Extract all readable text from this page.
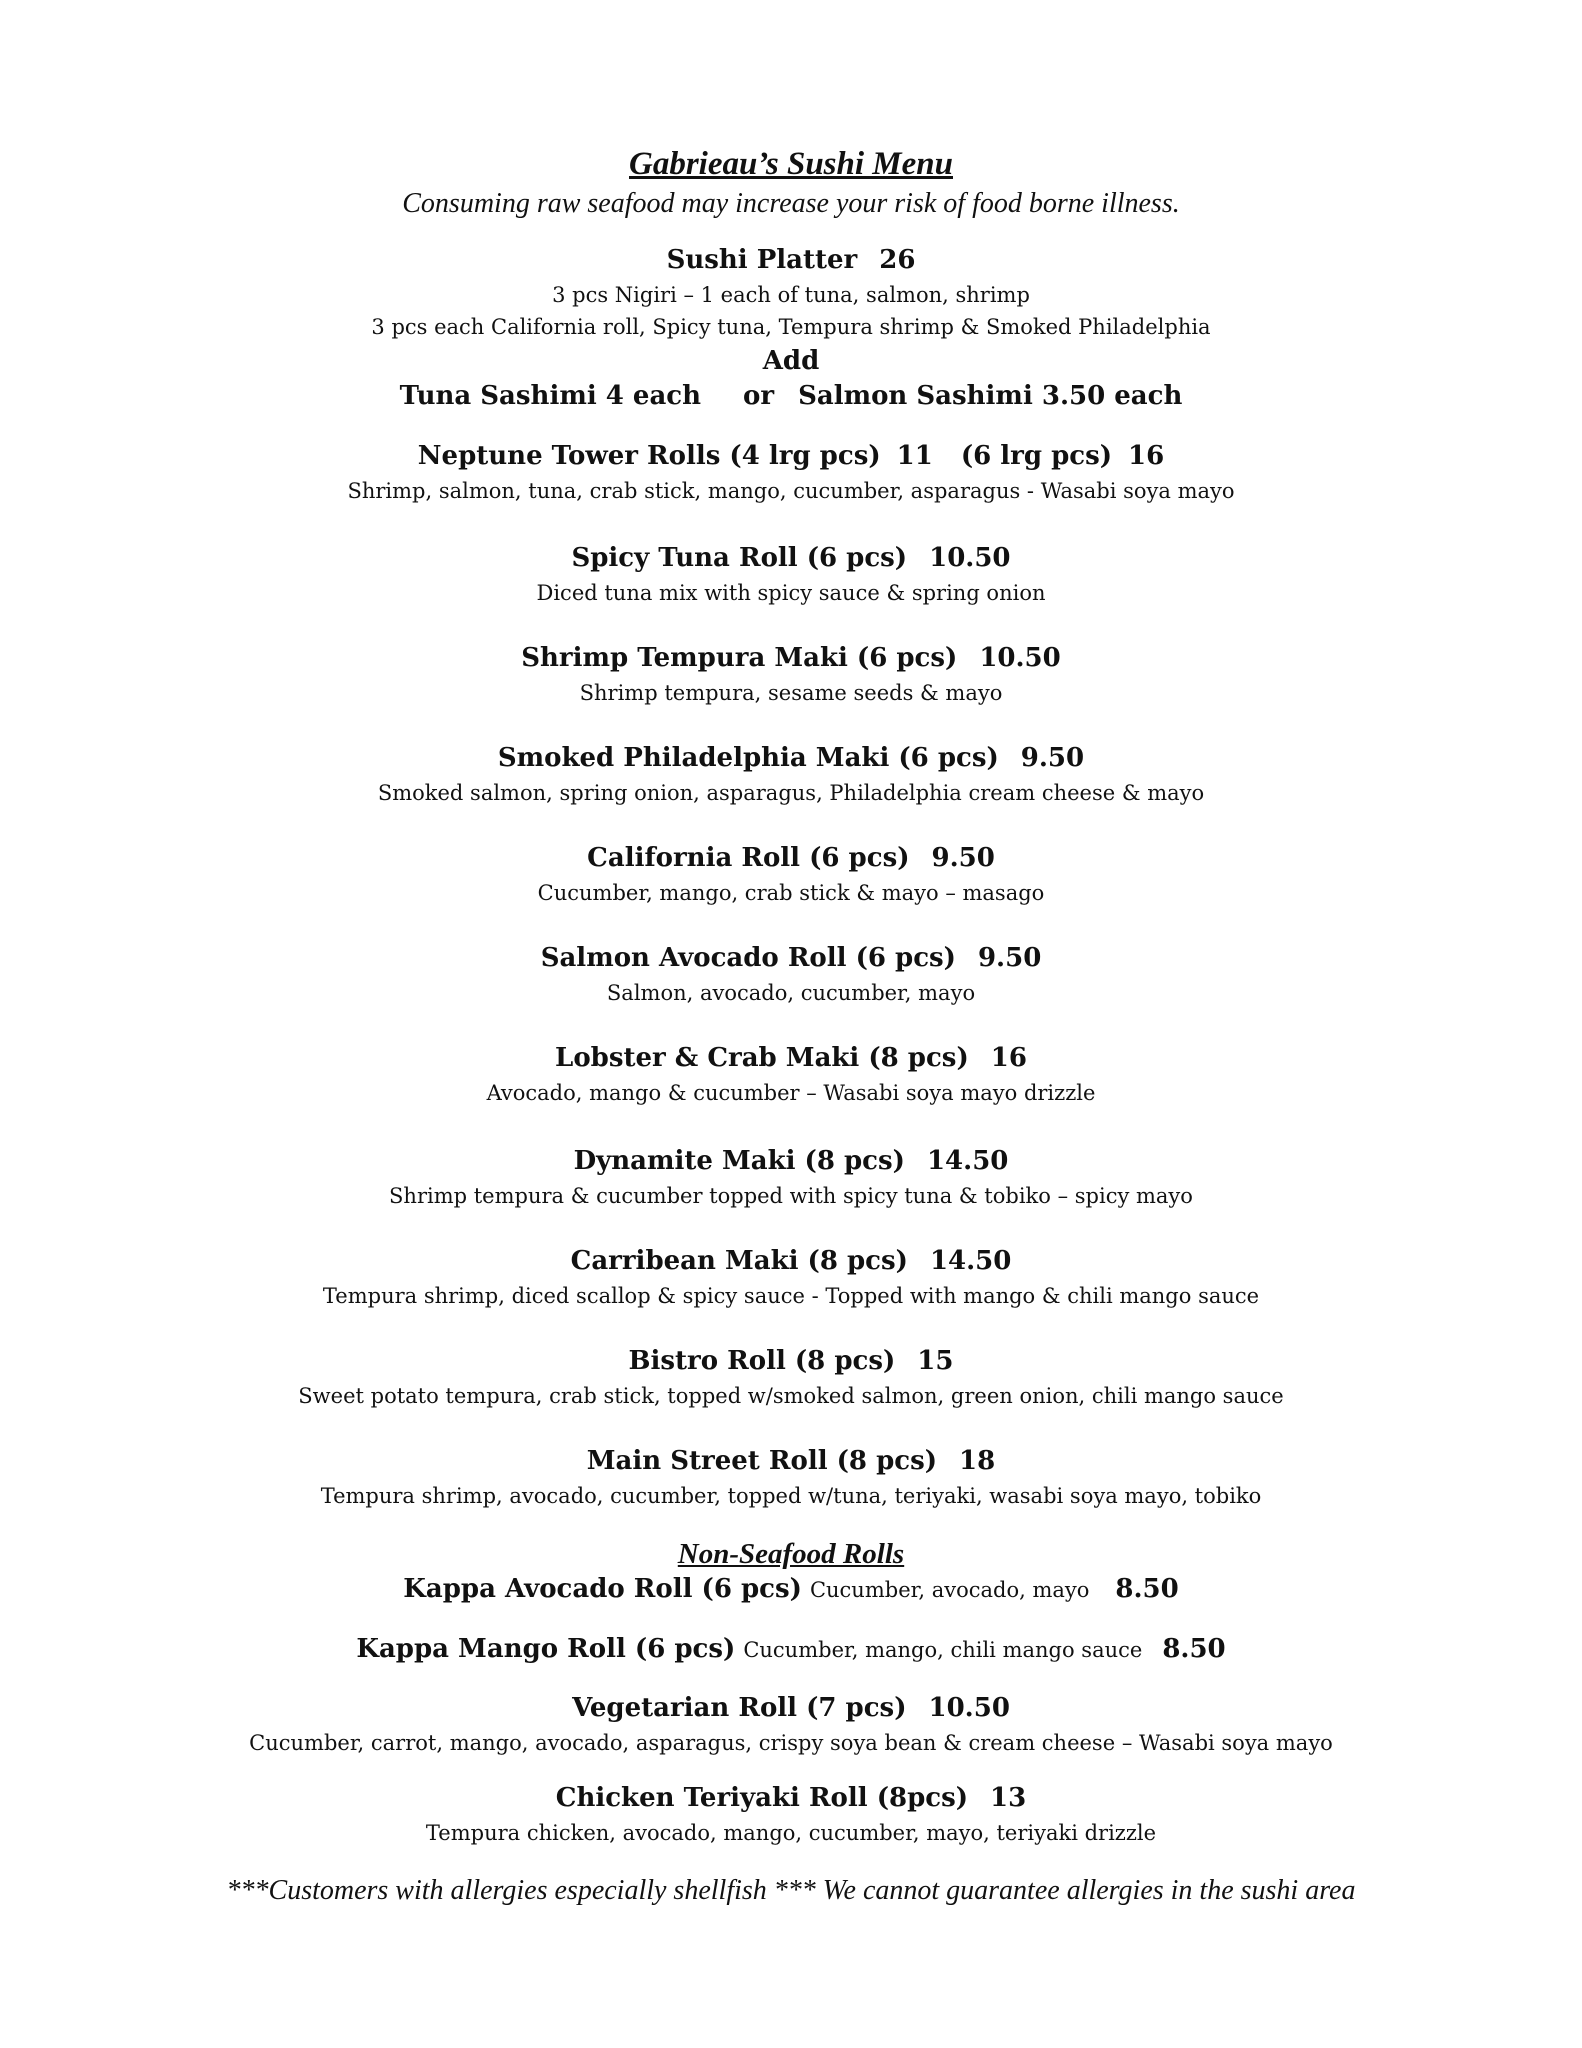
Gabrieau’s Sushi Menu
Consuming raw seafood may increase your risk of food borne illness.
Sushi Platter 26
3 pcs Nigiri – 1 each of tuna, salmon, shrimp
3 pcs each California roll, Spicy tuna, Tempura shrimp & Smoked Philadelphia
Add
Tuna Sashimi 4 each or Salmon Sashimi 3.50 each
Neptune Tower Rolls (4 lrg pcs) 11 (6 lrg pcs) 16
Shrimp, salmon, tuna, crab stick, mango, cucumber, asparagus - Wasabi soya mayo
Spicy Tuna Roll (6 pcs) 10.50
Diced tuna mix with spicy sauce & spring onion
Shrimp Tempura Maki (6 pcs) 10.50
Shrimp tempura, sesame seeds & mayo
Smoked Philadelphia Maki (6 pcs) 9.50
Smoked salmon, spring onion, asparagus, Philadelphia cream cheese & mayo
California Roll (6 pcs) 9.50
Cucumber, mango, crab stick & mayo – masago
Salmon Avocado Roll (6 pcs) 9.50
Salmon, avocado, cucumber, mayo
Lobster & Crab Maki (8 pcs) 16
Avocado, mango & cucumber – Wasabi soya mayo drizzle
Dynamite Maki (8 pcs) 14.50
Shrimp tempura & cucumber topped with spicy tuna & tobiko – spicy mayo
Carribean Maki (8 pcs) 14.50
Tempura shrimp, diced scallop & spicy sauce - Topped with mango & chili mango sauce
Bistro Roll (8 pcs) 15
Sweet potato tempura, crab stick, topped w/smoked salmon, green onion, chili mango sauce
Main Street Roll (8 pcs) 18
Tempura shrimp, avocado, cucumber, topped w/tuna, teriyaki, wasabi soya mayo, tobiko
Non-Seafood Rolls
Kappa Avocado Roll (6 pcs) Cucumber, avocado, mayo 8.50
Kappa Mango Roll (6 pcs) Cucumber, mango, chili mango sauce 8.50
Vegetarian Roll (7 pcs) 10.50
Cucumber, carrot, mango, avocado, asparagus, crispy soya bean & cream cheese – Wasabi soya mayo
Chicken Teriyaki Roll (8pcs) 13
Tempura chicken, avocado, mango, cucumber, mayo, teriyaki drizzle
***Customers with allergies especially shellfish *** We cannot guarantee allergies in the sushi area
